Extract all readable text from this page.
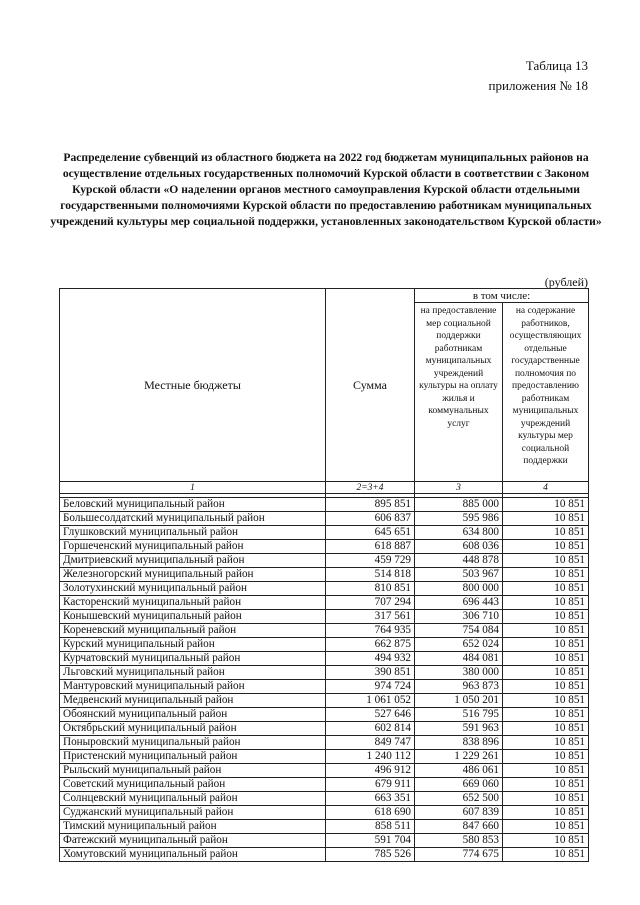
Таблица 13
приложения № 18
Распределение субвенций из областного бюджета на 2022 год бюджетам муниципальных районов на осуществление отдельных государственных полномочий Курской области в соответствии с Законом Курской области «О наделении органов местного самоуправления Курской области отдельными государственными полномочиями Курской области по предоставлению работникам муниципальных учреждений культуры мер социальной поддержки, установленных законодательством Курской области»
(рублей)
Местные бюджеты	Сумма	в том числе:	
		на предоставление мер социальной поддержки работникам муниципальных учреждений культуры на оплату жилья и коммунальных услуг	на содержание работников, осуществляющих отдельные государственные полномочия по предоставлению работникам муниципальных учреждений культуры мер социальной поддержки
1	2=3+4	3	4

Беловский муниципальный район	895 851	885 000	10 851
Большесолдатский муниципальный район	606 837	595 986	10 851
Глушковский муниципальный район	645 651	634 800	10 851
Горшеченский муниципальный район	618 887	608 036	10 851
Дмитриевский муниципальный район	459 729	448 878	10 851
Железногорский муниципальный район	514 818	503 967	10 851
Золотухинский муниципальный район	810 851	800 000	10 851
Касторенский муниципальный район	707 294	696 443	10 851
Конышевский муниципальный район	317 561	306 710	10 851
Кореневский муниципальный район	764 935	754 084	10 851
Курский муниципальный район	662 875	652 024	10 851
Курчатовский муниципальный район	494 932	484 081	10 851
Льговский муниципальный район	390 851	380 000	10 851
Мантуровский муниципальный район	974 724	963 873	10 851
Медвенский муниципальный район	1 061 052	1 050 201	10 851
Обоянский муниципальный район	527 646	516 795	10 851
Октябрьский муниципальный район	602 814	591 963	10 851
Поныровский муниципальный район	849 747	838 896	10 851
Пристенский муниципальный район	1 240 112	1 229 261	10 851
Рыльский муниципальный район	496 912	486 061	10 851
Советский муниципальный район	679 911	669 060	10 851
Солнцевский муниципальный район	663 351	652 500	10 851
Суджанский муниципальный район	618 690	607 839	10 851
Тимский муниципальный район	858 511	847 660	10 851
Фатежский муниципальный район	591 704	580 853	10 851
Хомутовский муниципальный район	785 526	774 675	10 851
